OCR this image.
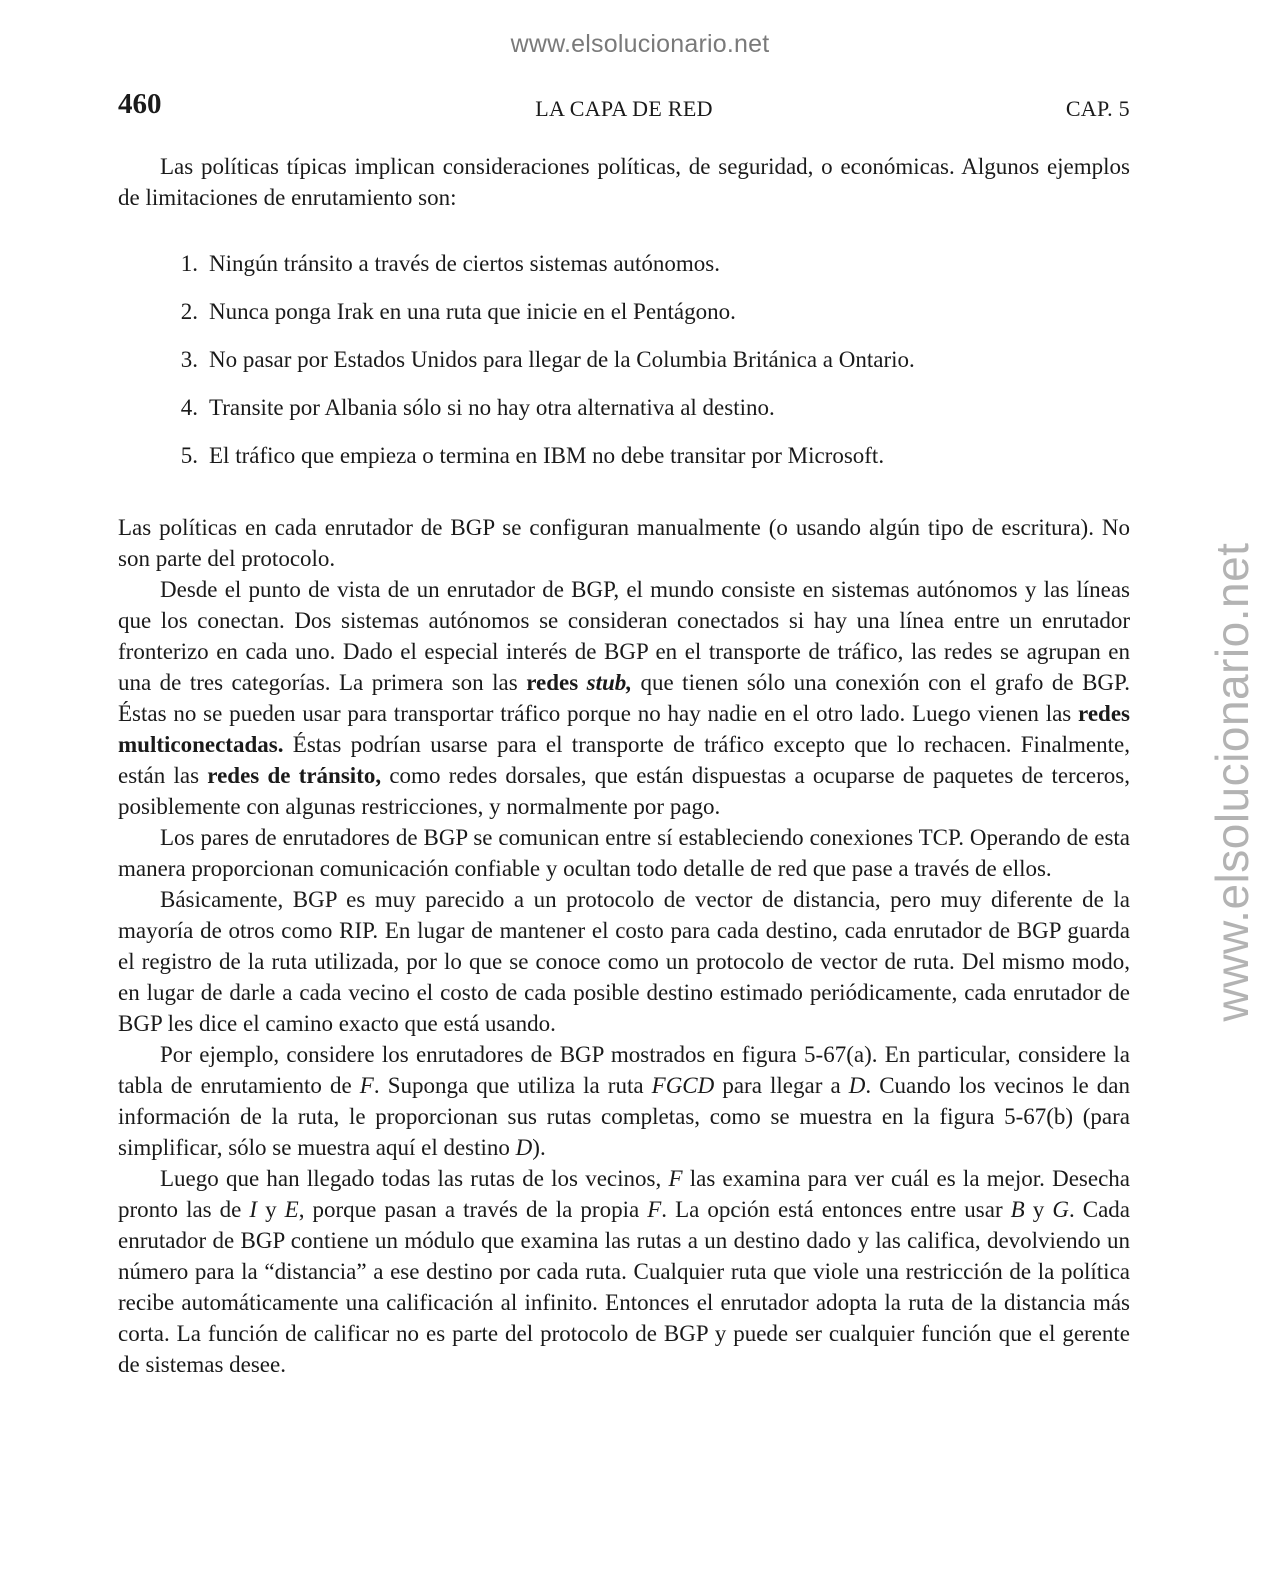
www.elsolucionario.net
www.elsolucionario.net
460	LA CAPA DE RED	CAP. 5

Las políticas típicas implican consideraciones políticas, de seguridad, o económicas. Algunos ejemplos de limitaciones de enrutamiento son:

1. Ningún tránsito a través de ciertos sistemas autónomos.
2. Nunca ponga Irak en una ruta que inicie en el Pentágono.
3. No pasar por Estados Unidos para llegar de la Columbia Británica a Ontario.
4. Transite por Albania sólo si no hay otra alternativa al destino.
5. El tráfico que empieza o termina en IBM no debe transitar por Microsoft.

Las políticas en cada enrutador de BGP se configuran manualmente (o usando algún tipo de escritura). No son parte del protocolo.

Desde el punto de vista de un enrutador de BGP, el mundo consiste en sistemas autónomos y las líneas que los conectan. Dos sistemas autónomos se consideran conectados si hay una línea entre un enrutador fronterizo en cada uno. Dado el especial interés de BGP en el transporte de tráfico, las redes se agrupan en una de tres categorías. La primera son las redes stub, que tienen sólo una conexión con el grafo de BGP. Éstas no se pueden usar para transportar tráfico porque no hay nadie en el otro lado. Luego vienen las redes multiconectadas. Éstas podrían usarse para el transporte de tráfico excepto que lo rechacen. Finalmente, están las redes de tránsito, como redes dorsales, que están dispuestas a ocuparse de paquetes de terceros, posiblemente con algunas restricciones, y normalmente por pago.

Los pares de enrutadores de BGP se comunican entre sí estableciendo conexiones TCP. Operando de esta manera proporcionan comunicación confiable y ocultan todo detalle de red que pase a través de ellos.

Básicamente, BGP es muy parecido a un protocolo de vector de distancia, pero muy diferente de la mayoría de otros como RIP. En lugar de mantener el costo para cada destino, cada enrutador de BGP guarda el registro de la ruta utilizada, por lo que se conoce como un protocolo de vector de ruta. Del mismo modo, en lugar de darle a cada vecino el costo de cada posible destino estimado periódicamente, cada enrutador de BGP les dice el camino exacto que está usando.

Por ejemplo, considere los enrutadores de BGP mostrados en figura 5-67(a). En particular, considere la tabla de enrutamiento de F. Suponga que utiliza la ruta FGCD para llegar a D. Cuando los vecinos le dan información de la ruta, le proporcionan sus rutas completas, como se muestra en la figura 5-67(b) (para simplificar, sólo se muestra aquí el destino D).

Luego que han llegado todas las rutas de los vecinos, F las examina para ver cuál es la mejor. Desecha pronto las de I y E, porque pasan a través de la propia F. La opción está entonces entre usar B y G. Cada enrutador de BGP contiene un módulo que examina las rutas a un destino dado y las califica, devolviendo un número para la “distancia” a ese destino por cada ruta. Cualquier ruta que viole una restricción de la política recibe automáticamente una calificación al infinito. Entonces el enrutador adopta la ruta de la distancia más corta. La función de calificar no es parte del protocolo de BGP y puede ser cualquier función que el gerente de sistemas desee.
